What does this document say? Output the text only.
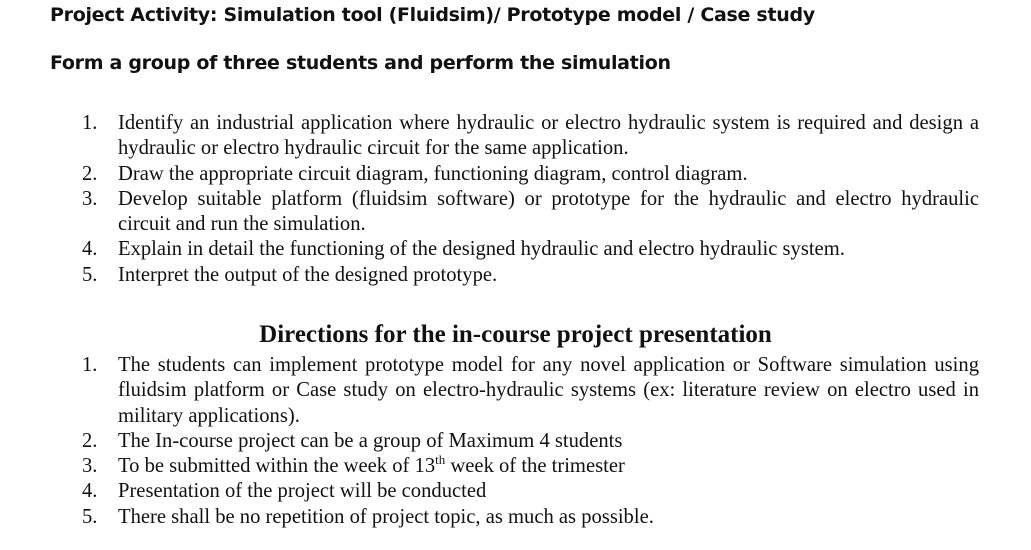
Project Activity: Simulation tool (Fluidsim)/ Prototype model / Case study
Form a group of three students and perform the simulation
1. Identify an industrial application where hydraulic or electro hydraulic system is required and design a hydraulic or electro hydraulic circuit for the same application.
2. Draw the appropriate circuit diagram, functioning diagram, control diagram.
3. Develop suitable platform (fluidsim software) or prototype for the hydraulic and electro hydraulic circuit and run the simulation.
4. Explain in detail the functioning of the designed hydraulic and electro hydraulic system.
5. Interpret the output of the designed prototype.
Directions for the in-course project presentation
1. The students can implement prototype model for any novel application or Software simulation using fluidsim platform or Case study on electro-hydraulic systems (ex: literature review on electro used in military applications).
2. The In-course project can be a group of Maximum 4 students
3. To be submitted within the week of 13th week of the trimester
4. Presentation of the project will be conducted
5. There shall be no repetition of project topic, as much as possible.
